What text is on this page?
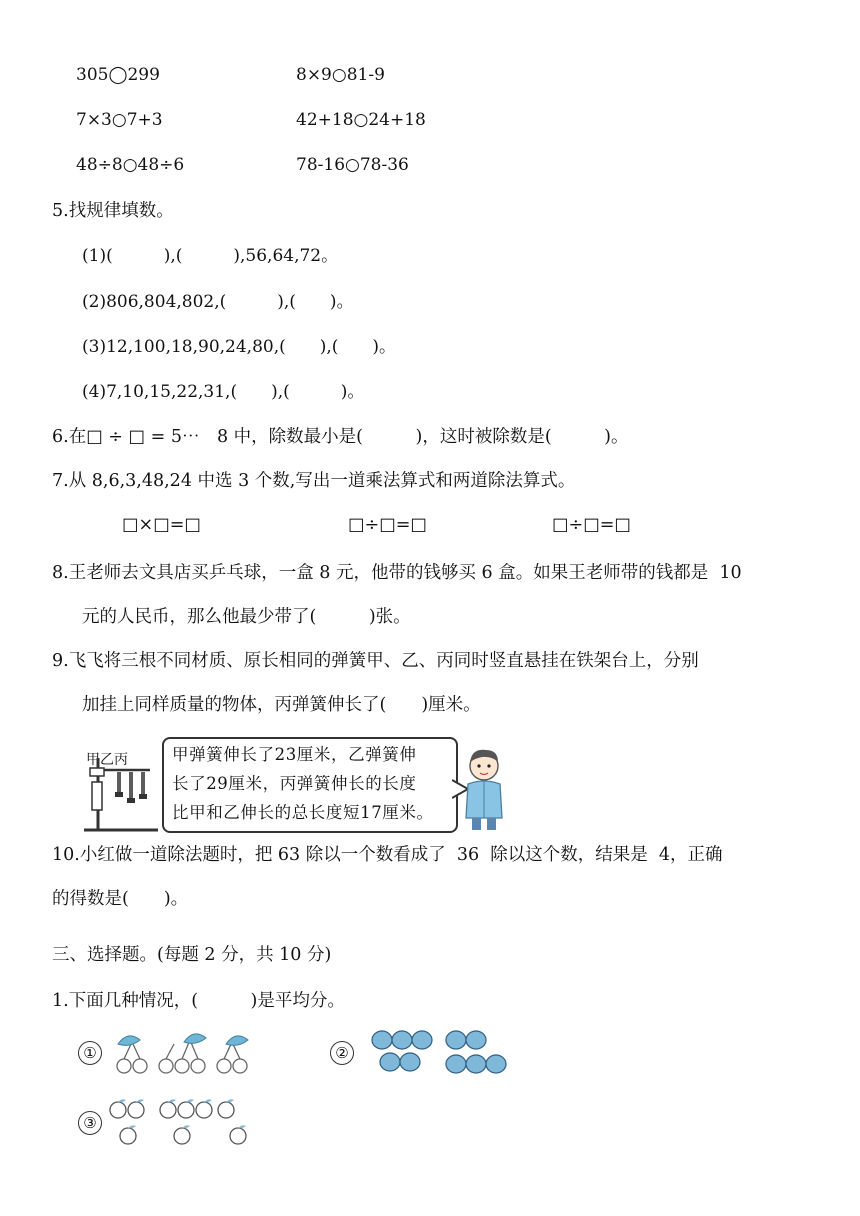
305◯299	8×9○81-9
7×3○7+3	42+18○24+18
48÷8○48÷6	78-16○78-36
5.找规律填数。
(1)(　　　),(　　　),56,64,72。
(2)806,804,802,(　　　),(　　)。
(3)12,100,18,90,24,80,(　　),(　　)。
(4)7,10,15,22,31,(　　),(　　　)。
6.在□ ÷ □ = 5⋯　8 中，除数最小是(　　　)，这时被除数是(　　　)。
7.从 8,6,3,48,24 中选 3 个数,写出一道乘法算式和两道除法算式。
□×□=□	□÷□=□	□÷□=□
8.王老师去文具店买乒乓球，一盒 8 元，他带的钱够买 6 盒。如果王老师带的钱都是  10
元的人民币，那么他最少带了(　　　)张。
9.飞飞将三根不同材质、原长相同的弹簧甲、乙、丙同时竖直悬挂在铁架台上，分别
加挂上同样质量的物体，丙弹簧伸长了(　　)厘米。
甲乙丙	甲弹簧伸长了23厘米，乙弹簧伸
长了29厘米，丙弹簧伸长的长度
比甲和乙伸长的总长度短17厘米。
10.小红做一道除法题时，把 63 除以一个数看成了  36  除以这个数，结果是  4，正确
的得数是(　　)。
三、选择题。(每题 2 分，共 10 分)
1.下面几种情况，(　　　)是平均分。
①	②
③
